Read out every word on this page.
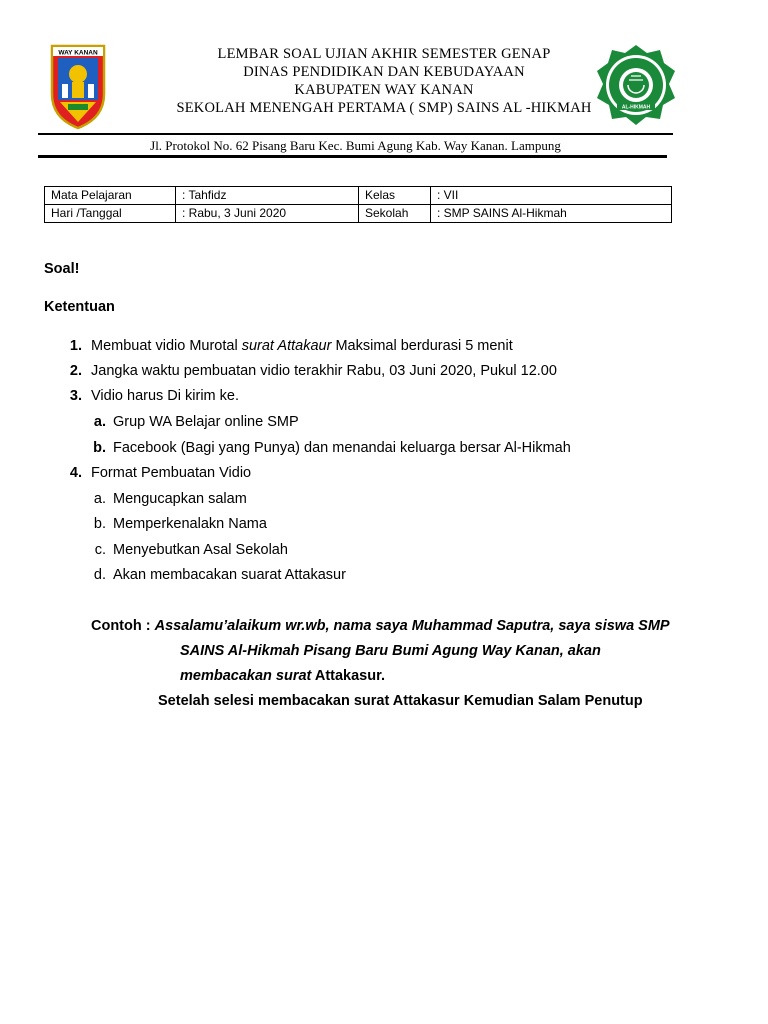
WAY KANAN
AL-HIKMAH
LEMBAR SOAL UJIAN AKHIR SEMESTER GENAP
DINAS PENDIDIKAN DAN KEBUDAYAAN
KABUPATEN WAY KANAN
SEKOLAH MENENGAH PERTAMA ( SMP) SAINS AL -HIKMAH
Jl. Protokol No. 62 Pisang Baru Kec. Bumi Agung Kab. Way Kanan. Lampung
Mata Pelajaran	: Tahfidz	Kelas	: VII
Hari /Tanggal	: Rabu, 3 Juni 2020	Sekolah	: SMP SAINS Al-Hikmah
Soal!
Ketentuan
1. Membuat vidio Murotal surat Attakaur Maksimal berdurasi 5 menit
2. Jangka waktu pembuatan vidio terakhir Rabu, 03 Juni 2020, Pukul 12.00
3. Vidio harus Di kirim ke.
a. Grup WA Belajar online SMP
b. Facebook (Bagi yang Punya) dan menandai keluarga bersar Al-Hikmah
4. Format Pembuatan Vidio
a. Mengucapkan salam
b. Memperkenalakn Nama
c. Menyebutkan Asal Sekolah
d. Akan membacakan suarat Attakasur
Contoh : Assalamu’alaikum wr.wb, nama saya Muhammad Saputra, saya siswa SMP
SAINS Al-Hikmah Pisang Baru Bumi Agung Way Kanan, akan
membacakan surat Attakasur.
Setelah selesi membacakan surat Attakasur Kemudian Salam Penutup
